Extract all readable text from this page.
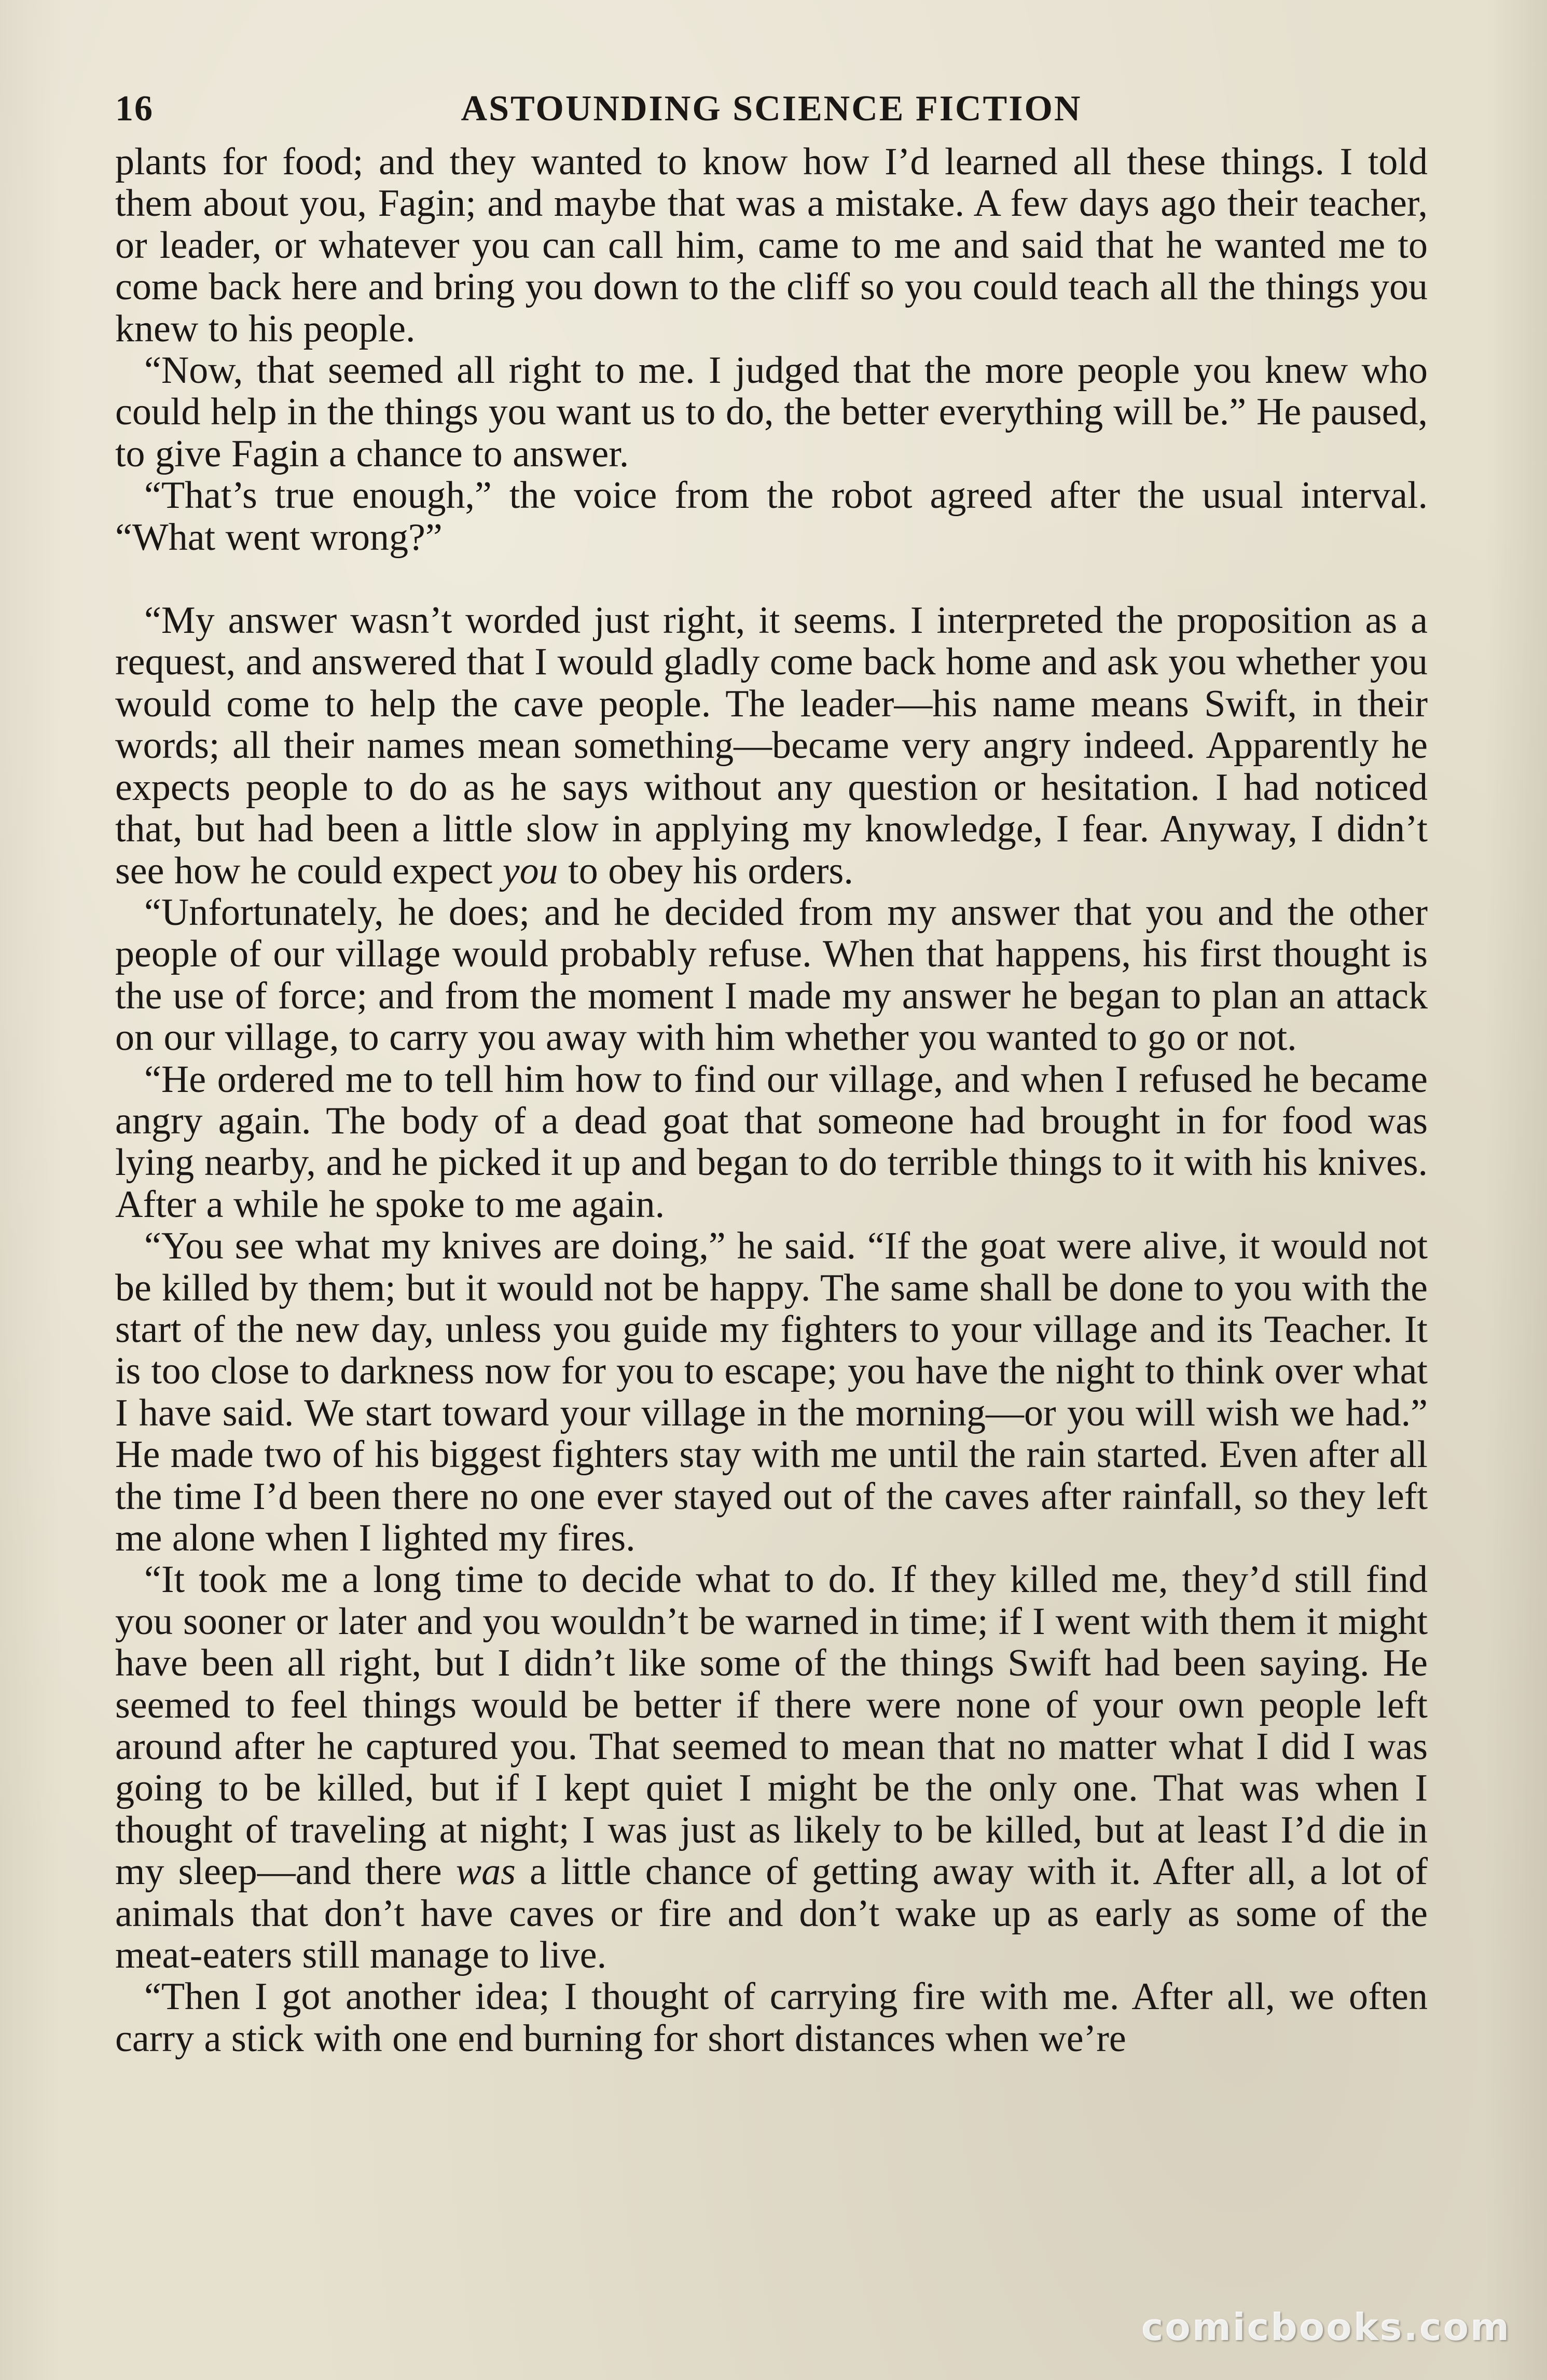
16	ASTOUNDING SCIENCE FICTION

plants for food; and they wanted to know how I’d learned all these things. I told them about you, Fagin; and maybe that was a mistake. A few days ago their teacher, or leader, or whatever you can call him, came to me and said that he wanted me to come back here and bring you down to the cliff so you could teach all the things you knew to his people.

“Now, that seemed all right to me. I judged that the more people you knew who could help in the things you want us to do, the better everything will be.” He paused, to give Fagin a chance to answer.

“That’s true enough,” the voice from the robot agreed after the usual interval. “What went wrong?”

“My answer wasn’t worded just right, it seems. I interpreted the proposition as a request, and answered that I would gladly come back home and ask you whether you would come to help the cave people. The leader—his name means Swift, in their words; all their names mean something—became very angry indeed. Apparently he expects people to do as he says without any question or hesitation. I had noticed that, but had been a little slow in applying my knowledge, I fear. Anyway, I didn’t see how he could expect you to obey his orders.

“Unfortunately, he does; and he decided from my answer that you and the other people of our village would probably refuse. When that happens, his first thought is the use of force; and from the moment I made my answer he began to plan an attack on our village, to carry you away with him whether you wanted to go or not.

“He ordered me to tell him how to find our village, and when I refused he became angry again. The body of a dead goat that someone had brought in for food was lying nearby, and he picked it up and began to do terrible things to it with his knives. After a while he spoke to me again.

“You see what my knives are doing,” he said. “If the goat were alive, it would not be killed by them; but it would not be happy. The same shall be done to you with the start of the new day, unless you guide my fighters to your village and its Teacher. It is too close to darkness now for you to escape; you have the night to think over what I have said. We start toward your village in the morning—or you will wish we had.” He made two of his biggest fighters stay with me until the rain started. Even after all the time I’d been there no one ever stayed out of the caves after rainfall, so they left me alone when I lighted my fires.

“It took me a long time to decide what to do. If they killed me, they’d still find you sooner or later and you wouldn’t be warned in time; if I went with them it might have been all right, but I didn’t like some of the things Swift had been saying. He seemed to feel things would be better if there were none of your own people left around after he captured you. That seemed to mean that no matter what I did I was going to be killed, but if I kept quiet I might be the only one. That was when I thought of traveling at night; I was just as likely to be killed, but at least I’d die in my sleep—and there was a little chance of getting away with it. After all, a lot of animals that don’t have caves or fire and don’t wake up as early as some of the meat-eaters still manage to live.

“Then I got another idea; I thought of carrying fire with me. After all, we often carry a stick with one end burning for short distances when we’re

comicbooks.com
